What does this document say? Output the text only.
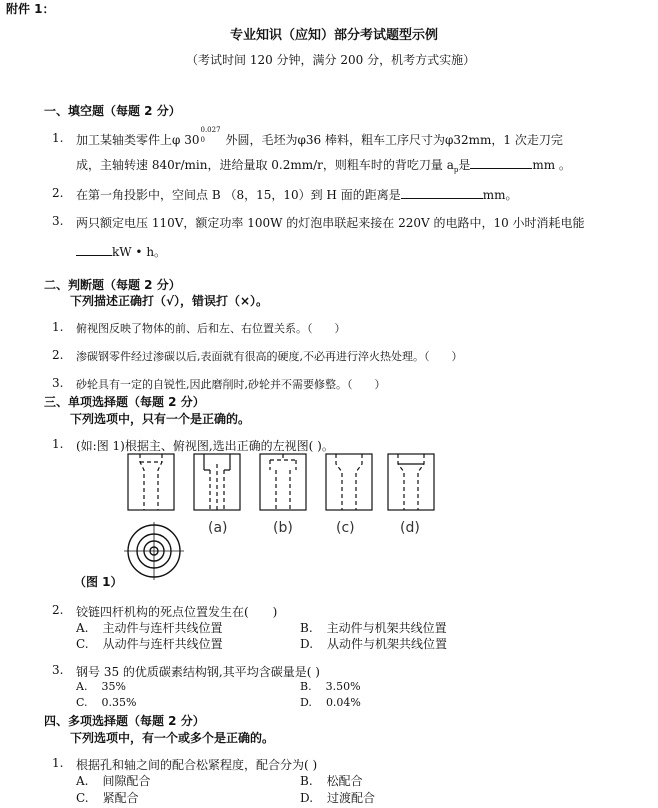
附件 1：
专业知识（应知）部分考试题型示例
（考试时间 120 分钟，满分 200 分，机考方式实施）
一、填空题（每题 2 分）
1. 加工某轴类零件上φ 30
0.027
0 外圆，毛坯为φ36 棒料，粗车工序尺寸为φ32mm，1 次走刀完
成，主轴转速 840r/min，进给量取 0.2mm/r，则粗车时的背吃刀量 $a_p$是	mm 。
2. 在第一角投影中，空间点 B （8，15，10）到 H 面的距离是	mm。
3. 两只额定电压 110V，额定功率 100W 的灯泡串联起来接在 220V 的电路中，10 小时消耗电能
kW • h。
二、判断题（每题 2 分）
下列描述正确打（√），错误打（×）。
1. 俯视图反映了物体的前、后和左、右位置关系。（　　）
2. 渗碳钢零件经过渗碳以后,表面就有很高的硬度,不必再进行淬火热处理。（　　）
3. 砂轮具有一定的自锐性,因此磨削时,砂轮并不需要修整。（　　）
三、单项选择题（每题 2 分）
下列选项中，只有一个是正确的。
1. (如:图 1)根据主、俯视图,选出正确的左视图( )。
(a)	(b)	(c)	(d)
（图 1）
2. 铰链四杆机构的死点位置发生在(　　)
A. 主动件与连杆共线位置	B. 主动件与机架共线位置
C. 从动件与连杆共线位置	D. 从动件与机架共线位置
3. 钢号 35 的优质碳素结构钢,其平均含碳量是( )
A. 35%	B. 3.50%
C. 0.35%	D. 0.04%
四、多项选择题（每题 2 分）
下列选项中，有一个或多个是正确的。
1. 根据孔和轴之间的配合松紧程度，配合分为( )
A. 间隙配合	B. 松配合
C. 紧配合	D. 过渡配合
